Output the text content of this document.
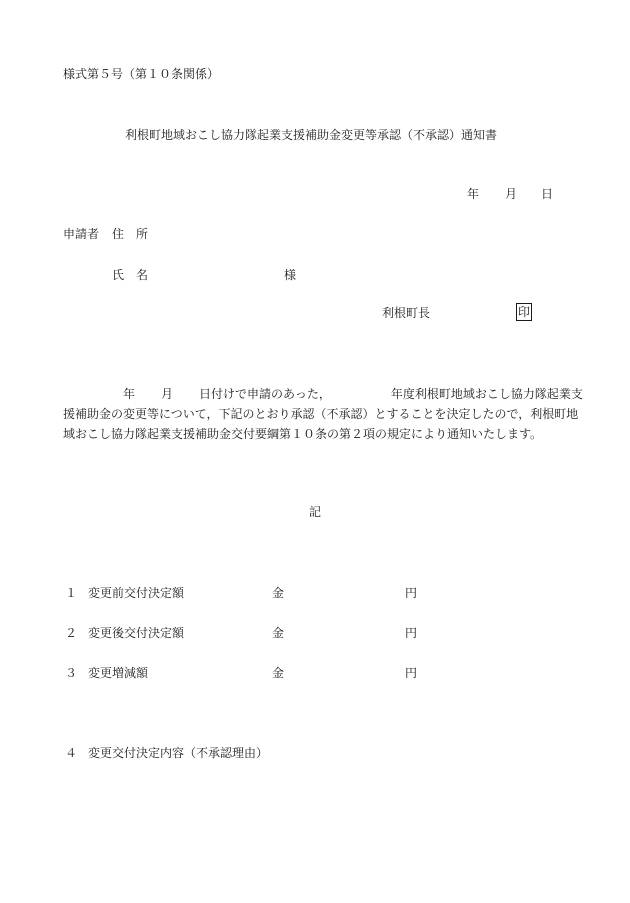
様式第５号（第１０条関係）
利根町地域おこし協力隊起業支援補助金変更等承認（不承認）通知書
年 月 日
申請者 住　所
氏　名	様
利根町長	印
年 月 日付けで申請のあった，	年度利根町地域おこし協力隊起業支援補助金の変更等について，下記のとおり承認（不承認）とすることを決定したので，利根町地域おこし協力隊起業支援補助金交付要綱第１０条の第２項の規定により通知いたします。
記
１ 変更前交付決定額	金	円
２ 変更後交付決定額	金	円
３ 変更増減額	金	円
４ 変更交付決定内容（不承認理由）
